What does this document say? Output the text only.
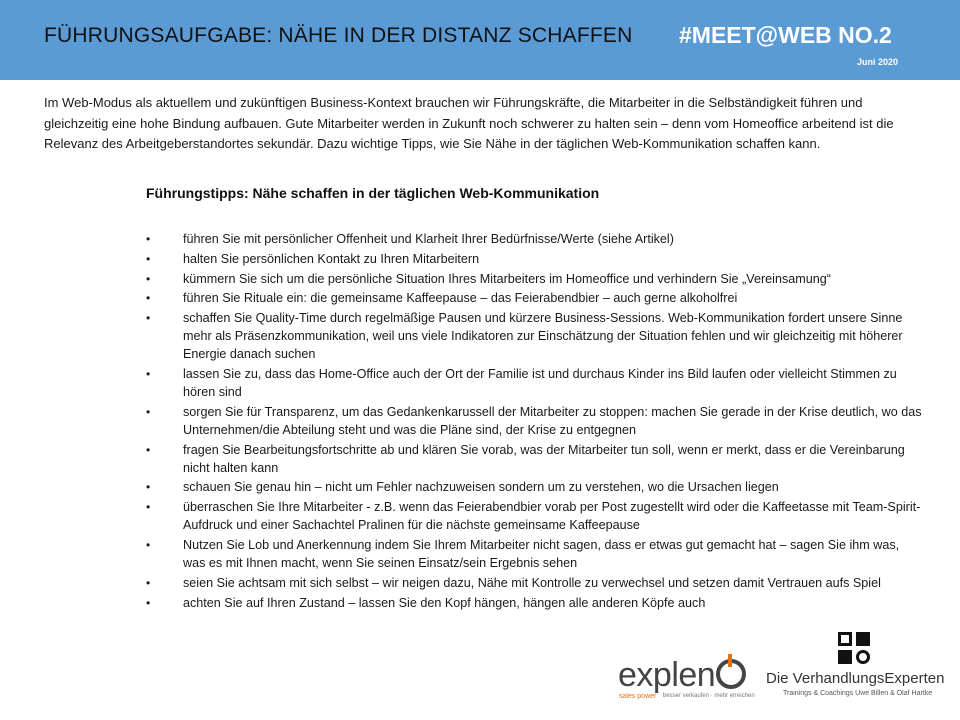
FÜHRUNGSAUFGABE: NÄHE IN DER DISTANZ SCHAFFEN #MEET@WEB NO.2
Juni 2020
Im Web-Modus als aktuellem und zukünftigen Business-Kontext brauchen wir Führungskräfte, die Mitarbeiter in die Selbständigkeit führen und gleichzeitig eine hohe Bindung aufbauen. Gute Mitarbeiter werden in Zukunft noch schwerer zu halten sein – denn vom Homeoffice arbeitend ist die Relevanz des Arbeitgeberstandortes sekundär. Dazu wichtige Tipps, wie Sie Nähe in der täglichen Web-Kommunikation schaffen kann.
Führungstipps: Nähe schaffen in der täglichen Web-Kommunikation
•	führen Sie mit persönlicher Offenheit und Klarheit Ihrer Bedürfnisse/Werte (siehe Artikel)
•	halten Sie persönlichen Kontakt zu Ihren Mitarbeitern
•	kümmern Sie sich um die persönliche Situation Ihres Mitarbeiters im Homeoffice und verhindern Sie „Vereinsamung“
•	führen Sie Rituale ein: die gemeinsame Kaffeepause – das Feierabendbier – auch gerne alkoholfrei
•	schaffen Sie Quality-Time durch regelmäßige Pausen und kürzere Business-Sessions. Web-Kommunikation fordert unsere Sinne mehr als Präsenzkommunikation, weil uns viele Indikatoren zur Einschätzung der Situation fehlen und wir gleichzeitig mit höherer Energie danach suchen
•	lassen Sie zu, dass das Home-Office auch der Ort der Familie ist und durchaus Kinder ins Bild laufen oder vielleicht Stimmen zu hören sind
•	sorgen Sie für Transparenz, um das Gedankenkarussell der Mitarbeiter zu stoppen: machen Sie gerade in der Krise deutlich, wo das Unternehmen/die Abteilung steht und was die Pläne sind, der Krise zu entgegnen
•	fragen Sie Bearbeitungsfortschritte ab und klären Sie vorab, was der Mitarbeiter tun soll, wenn er merkt, dass er die Vereinbarung nicht halten kann
•	schauen Sie genau hin – nicht um Fehler nachzuweisen sondern um zu verstehen, wo die Ursachen liegen
•	überraschen Sie Ihre Mitarbeiter - z.B. wenn das Feierabendbier vorab per Post zugestellt wird oder die Kaffeetasse mit Team-Spirit-Aufdruck und einer Sachachtel Pralinen für die nächste gemeinsame Kaffeepause
•	Nutzen Sie Lob und Anerkennung indem Sie Ihrem Mitarbeiter nicht sagen, dass er etwas gut gemacht hat – sagen Sie ihm was, was es mit Ihnen macht, wenn Sie seinen Einsatz/sein Ergebnis sehen
•	seien Sie achtsam mit sich selbst – wir neigen dazu, Nähe mit Kontrolle zu verwechsel und setzen damit Vertrauen aufs Spiel
•	achten Sie auf Ihren Zustand – lassen Sie den Kopf hängen, hängen alle anderen Köpfe auch
explen
sales power besser verkaufen · mehr erreichen
Die VerhandlungsExperten
Trainings & Coachings Uwe Billen & Olaf Hartke
